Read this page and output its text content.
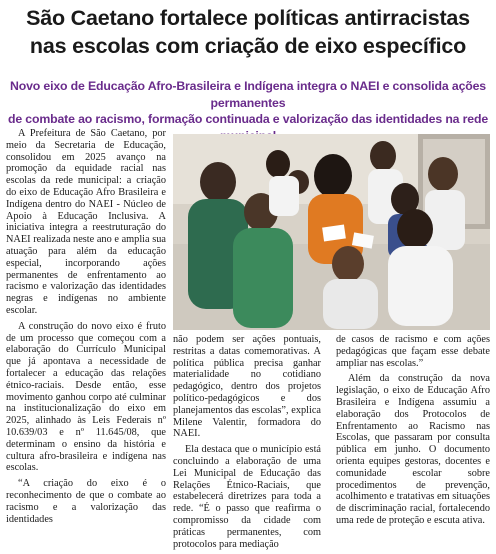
São Caetano fortalece políticas antirracistas
nas escolas com criação de eixo específico
Novo eixo de Educação Afro-Brasileira e Indígena integra o NAEI e consolida ações permanentes
de combate ao racismo, formação continuada e valorização das identidades na rede

A Prefeitura de São Caetano, por meio da Secretaria de Educação, consolidou em 2025 avanço na promoção da equidade racial nas escolas da rede municipal: a criação do eixo de Educação Afro Brasileira e Indígena dentro do NAEI - Núcleo de Apoio à Educação Inclusiva. A iniciativa integra a reestruturação do NAEI realizada neste ano e amplia sua atuação para além da educação especial, incorporando ações permanentes de enfrentamento ao racismo e valorização das identidades negras e indígenas no ambiente escolar.

A construção do novo eixo é fruto de um processo que começou com a elaboração do Currículo Municipal que já apontava a necessidade de fortalecer a educação das relações étnico-raciais. Desde então, esse movimento ganhou corpo até culminar na institucionalização do eixo em 2025, alinhado às Leis Federais nº 10.639/03 e nº 11.645/08, que determinam o ensino da história e cultura afro-brasileira e indígena nas escolas.

“A criação do eixo é o reconhecimento de que o combate ao racismo e a valorização das identidades

não podem ser ações pontuais, restritas a datas comemorativas. A política pública precisa ganhar materialidade no cotidiano pedagógico, dentro dos projetos político-pedagógicos e dos planejamentos das escolas”, explica Milene Valentir, formadora do NAEI.

Ela destaca que o município está concluindo a elaboração de uma Lei Municipal de Educação das Relações Étnico-Raciais, que estabelecerá diretrizes para toda a rede. “É o passo que reafirma o compromisso da cidade com práticas permanentes, com protocolos para mediação

de casos de racismo e com ações pedagógicas que façam esse debate ampliar nas escolas.”

Além da construção da nova legislação, o eixo de Educação Afro Brasileira e Indígena assumiu a elaboração dos Protocolos de Enfrentamento ao Racismo nas Escolas, que passaram por consulta pública em junho. O documento orienta equipes gestoras, docentes e comunidade escolar sobre procedimentos de prevenção, acolhimento e tratativas em situações de discriminação racial, fortalecendo uma rede de proteção e escuta ativa.
